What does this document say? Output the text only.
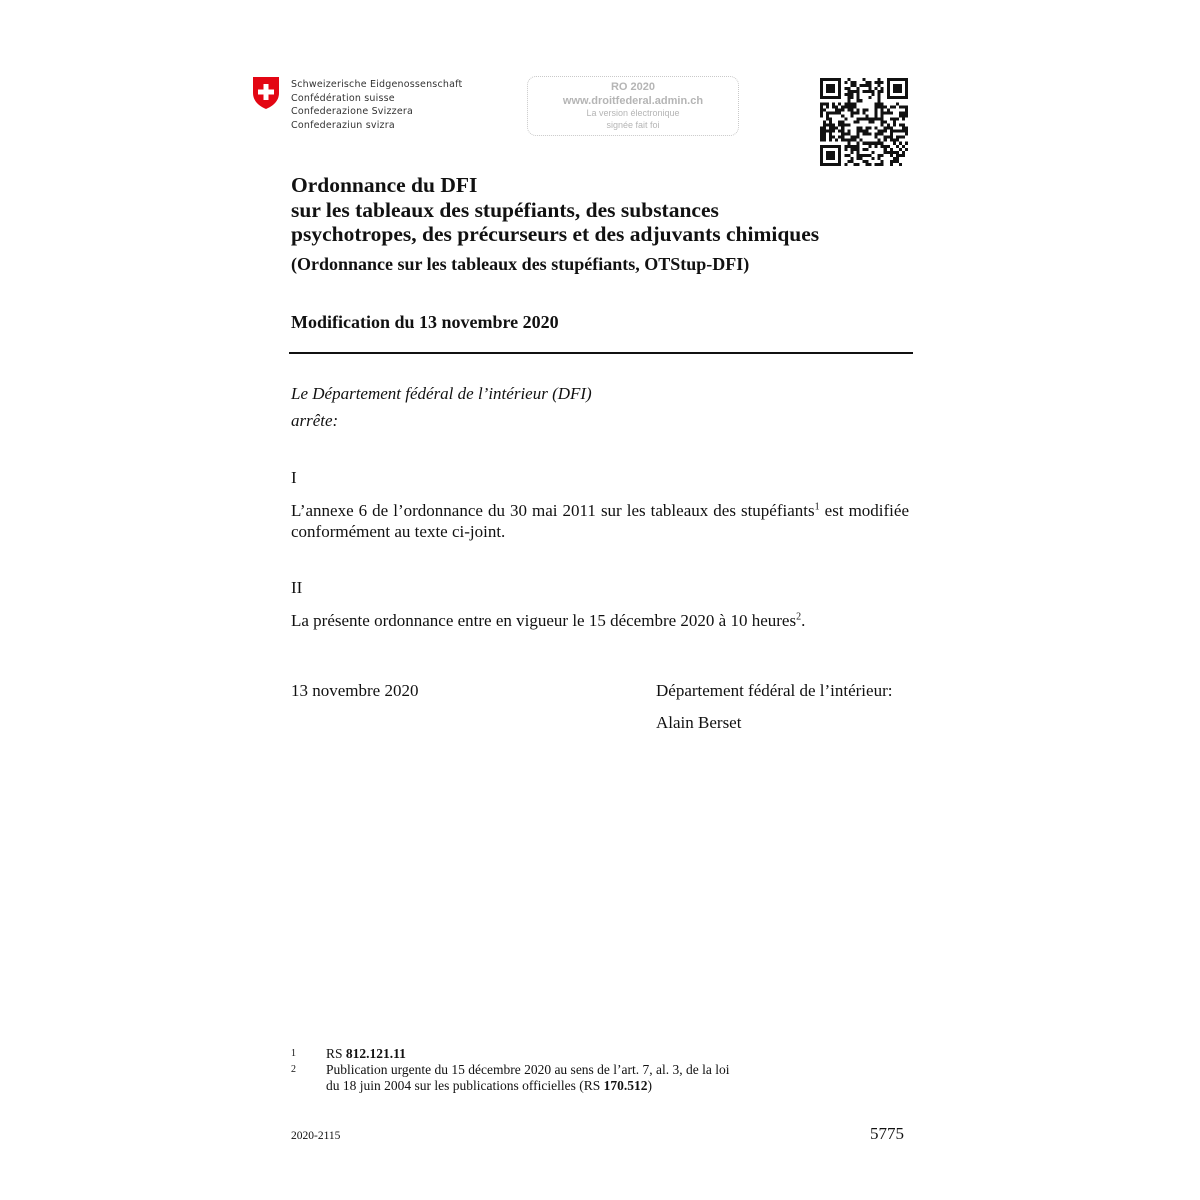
Schweizerische Eidgenossenschaft
Confédération suisse
Confederazione Svizzera
Confederaziun svizra
RO 2020
www.droitfederal.admin.ch
La version électronique
signée fait foi
Ordonnance du DFI
sur les tableaux des stupéfiants, des substances
psychotropes, des précurseurs et des adjuvants chimiques
(Ordonnance sur les tableaux des stupéfiants, OTStup-DFI)
Modification du 13 novembre 2020
Le Département fédéral de l’intérieur (DFI)
arrête:
I
L’annexe 6 de l’ordonnance du 30 mai 2011 sur les tableaux des stupéfiants$^1$ est modifiée conformément au texte ci-joint.
II
La présente ordonnance entre en vigueur le 15 décembre 2020 à 10 heures$^2$.
13 novembre 2020	Département fédéral de l’intérieur:
Alain Berset
1 RS 812.121.11
2 Publication urgente du 15 décembre 2020 au sens de l’art. 7, al. 3, de la loi
du 18 juin 2004 sur les publications officielles (RS 170.512)
2020-2115	5775
